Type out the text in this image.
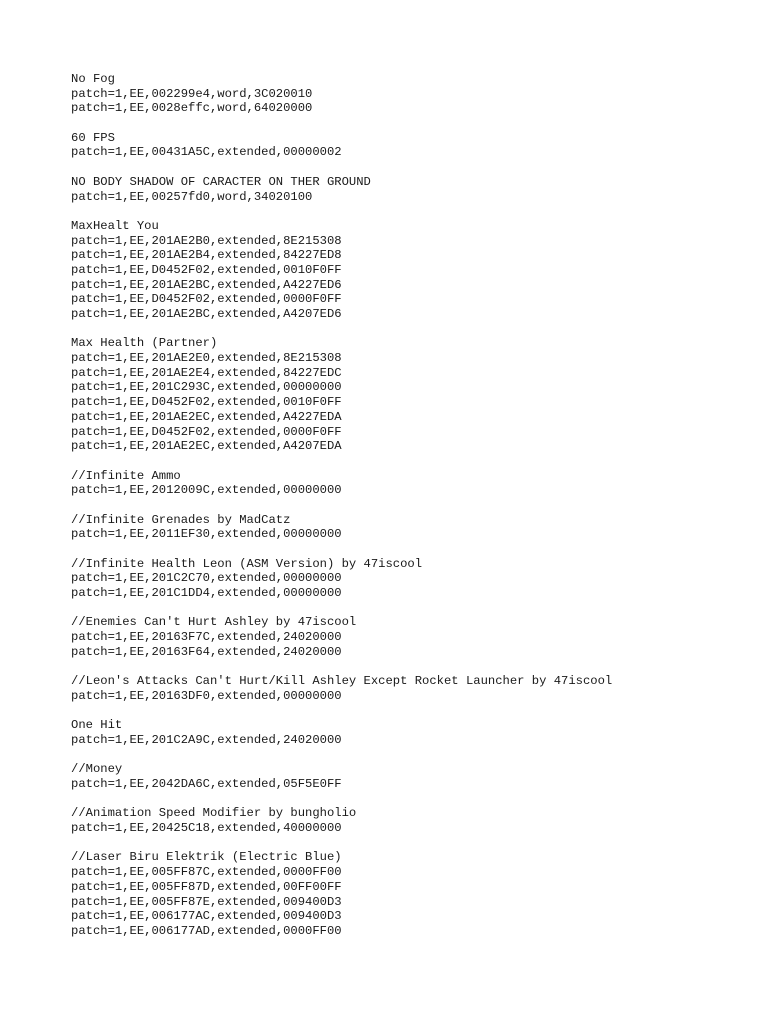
No Fog
patch=1,EE,002299e4,word,3C020010
patch=1,EE,0028effc,word,64020000
60 FPS
patch=1,EE,00431A5C,extended,00000002
NO BODY SHADOW OF CARACTER ON THER GROUND
patch=1,EE,00257fd0,word,34020100
MaxHealt You
patch=1,EE,201AE2B0,extended,8E215308
patch=1,EE,201AE2B4,extended,84227ED8
patch=1,EE,D0452F02,extended,0010F0FF
patch=1,EE,201AE2BC,extended,A4227ED6
patch=1,EE,D0452F02,extended,0000F0FF
patch=1,EE,201AE2BC,extended,A4207ED6
Max Health (Partner)
patch=1,EE,201AE2E0,extended,8E215308
patch=1,EE,201AE2E4,extended,84227EDC
patch=1,EE,201C293C,extended,00000000
patch=1,EE,D0452F02,extended,0010F0FF
patch=1,EE,201AE2EC,extended,A4227EDA
patch=1,EE,D0452F02,extended,0000F0FF
patch=1,EE,201AE2EC,extended,A4207EDA
//Infinite Ammo
patch=1,EE,2012009C,extended,00000000
//Infinite Grenades by MadCatz
patch=1,EE,2011EF30,extended,00000000
//Infinite Health Leon (ASM Version) by 47iscool
patch=1,EE,201C2C70,extended,00000000
patch=1,EE,201C1DD4,extended,00000000
//Enemies Can't Hurt Ashley by 47iscool
patch=1,EE,20163F7C,extended,24020000
patch=1,EE,20163F64,extended,24020000
//Leon's Attacks Can't Hurt/Kill Ashley Except Rocket Launcher by 47iscool
patch=1,EE,20163DF0,extended,00000000
One Hit
patch=1,EE,201C2A9C,extended,24020000
//Money
patch=1,EE,2042DA6C,extended,05F5E0FF
//Animation Speed Modifier by bungholio
patch=1,EE,20425C18,extended,40000000
//Laser Biru Elektrik (Electric Blue)
patch=1,EE,005FF87C,extended,0000FF00
patch=1,EE,005FF87D,extended,00FF00FF
patch=1,EE,005FF87E,extended,009400D3
patch=1,EE,006177AC,extended,009400D3
patch=1,EE,006177AD,extended,0000FF00
